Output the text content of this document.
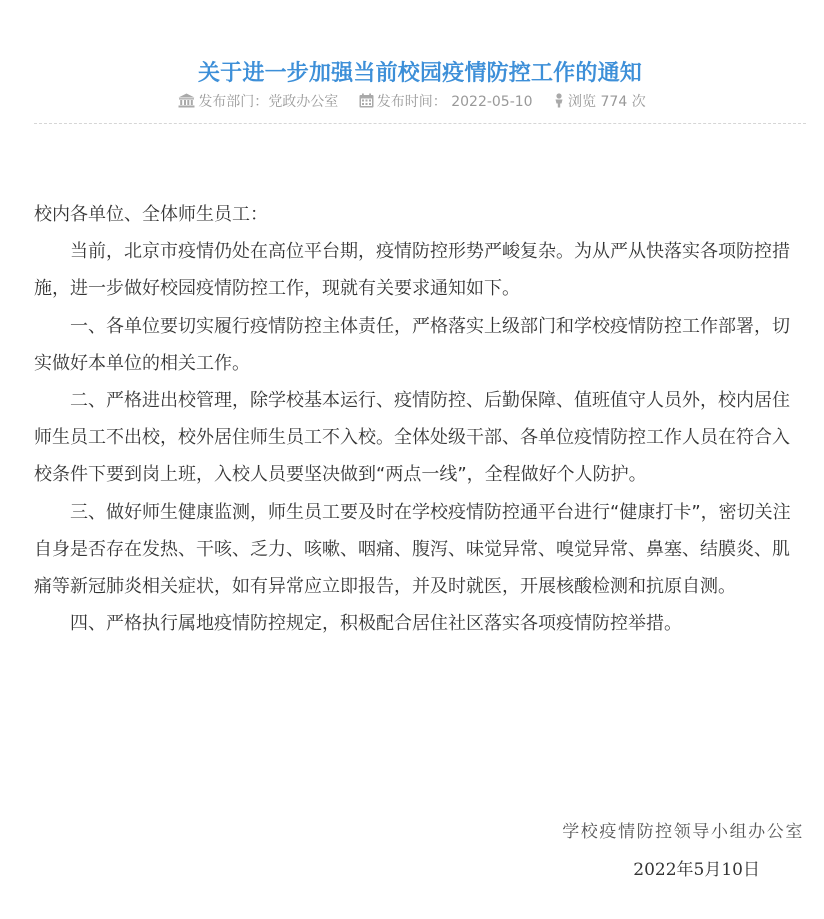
关于进一步加强当前校园疫情防控工作的通知
发布部门：党政办公室	发布时间： 2022-05-10	浏览 774 次

校内各单位、全体师生员工：

当前，北京市疫情仍处在高位平台期，疫情防控形势严峻复杂。为从严从快落实各项防控措施，进一步做好校园疫情防控工作，现就有关要求通知如下。

一、各单位要切实履行疫情防控主体责任，严格落实上级部门和学校疫情防控工作部署，切实做好本单位的相关工作。

二、严格进出校管理，除学校基本运行、疫情防控、后勤保障、值班值守人员外，校内居住师生员工不出校，校外居住师生员工不入校。全体处级干部、各单位疫情防控工作人员在符合入校条件下要到岗上班，入校人员要坚决做到“两点一线”，全程做好个人防护。

三、做好师生健康监测，师生员工要及时在学校疫情防控通平台进行“健康打卡”，密切关注自身是否存在发热、干咳、乏力、咳嗽、咽痛、腹泻、味觉异常、嗅觉异常、鼻塞、结膜炎、肌痛等新冠肺炎相关症状，如有异常应立即报告，并及时就医，开展核酸检测和抗原自测。

四、严格执行属地疫情防控规定，积极配合居住社区落实各项疫情防控举措。

学校疫情防控领导小组办公室
2022年5月10日
